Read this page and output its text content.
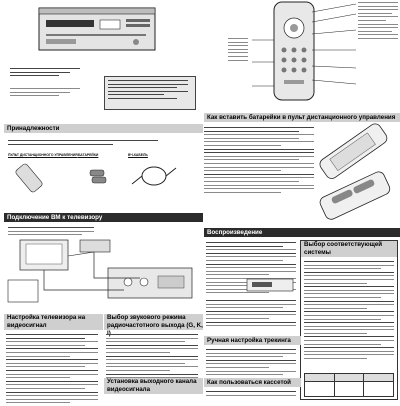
Как вставить батарейки в пульт дистанционного управления
Принадлежности
ПУЛЬТ ДИСТАНЦИОННОГО УПРАВЛЕНИЯ БАТАРЕЙКИ	ВЧ-КАБЕЛЬ
Подключение ВМ к телевизору
Настройка телевизора на видеосигнал
Выбор звукового режима радиочастотного выхода (G, K,
Установка выходного канала видеосигнала
Воспроизведение
Выбор соответствующей системы
Ручная настройка трекинга
Как пользоваться кассетой
